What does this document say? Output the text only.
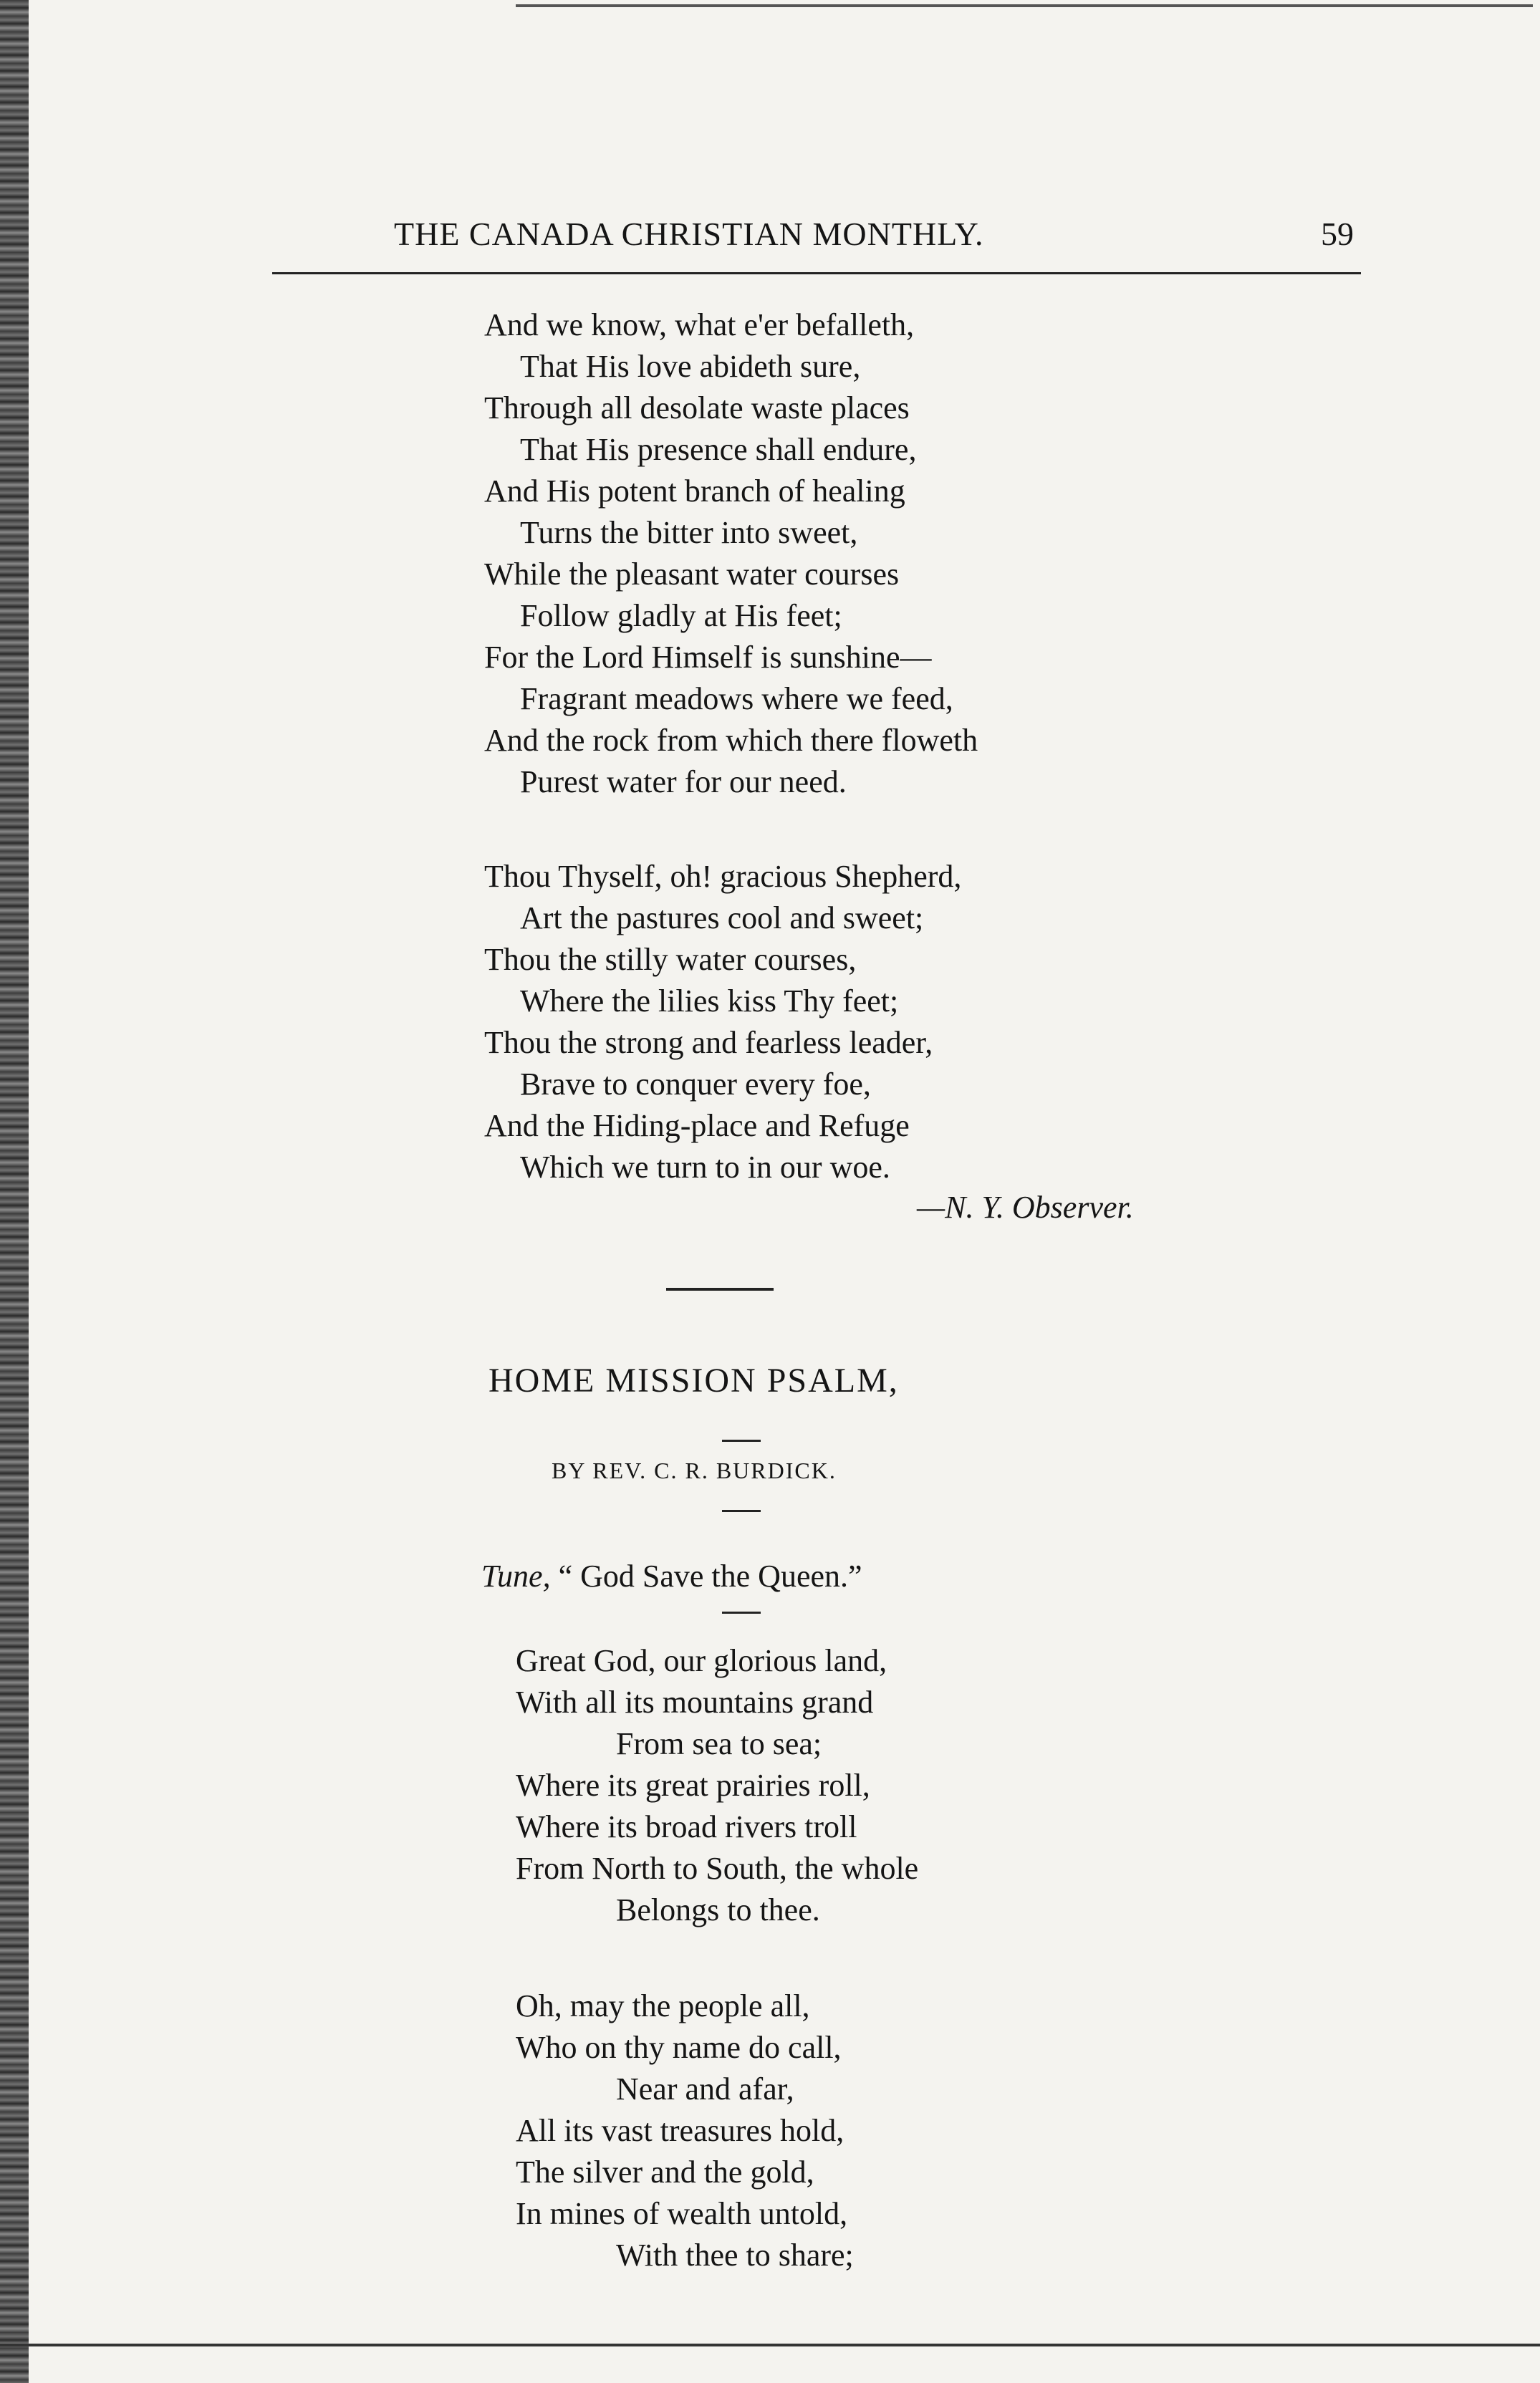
THE CANADA CHRISTIAN MONTHLY.	59
And we know, what e'er befalleth,
That His love abideth sure,
Through all desolate waste places
That His presence shall endure,
And His potent branch of healing
Turns the bitter into sweet,
While the pleasant water courses
Follow gladly at His feet;
For the Lord Himself is sunshine—
Fragrant meadows where we feed,
And the rock from which there floweth
Purest water for our need.
Thou Thyself, oh! gracious Shepherd,
Art the pastures cool and sweet;
Thou the stilly water courses,
Where the lilies kiss Thy feet;
Thou the strong and fearless leader,
Brave to conquer every foe,
And the Hiding-place and Refuge
Which we turn to in our woe.
—N. Y. Observer.
HOME MISSION PSALM,
BY REV. C. R. BURDICK.
Tune, “ God Save the Queen.”
Great God, our glorious land,
With all its mountains grand
From sea to sea;
Where its great prairies roll,
Where its broad rivers troll
From North to South, the whole
Belongs to thee.
Oh, may the people all,
Who on thy name do call,
Near and afar,
All its vast treasures hold,
The silver and the gold,
In mines of wealth untold,
With thee to share;
